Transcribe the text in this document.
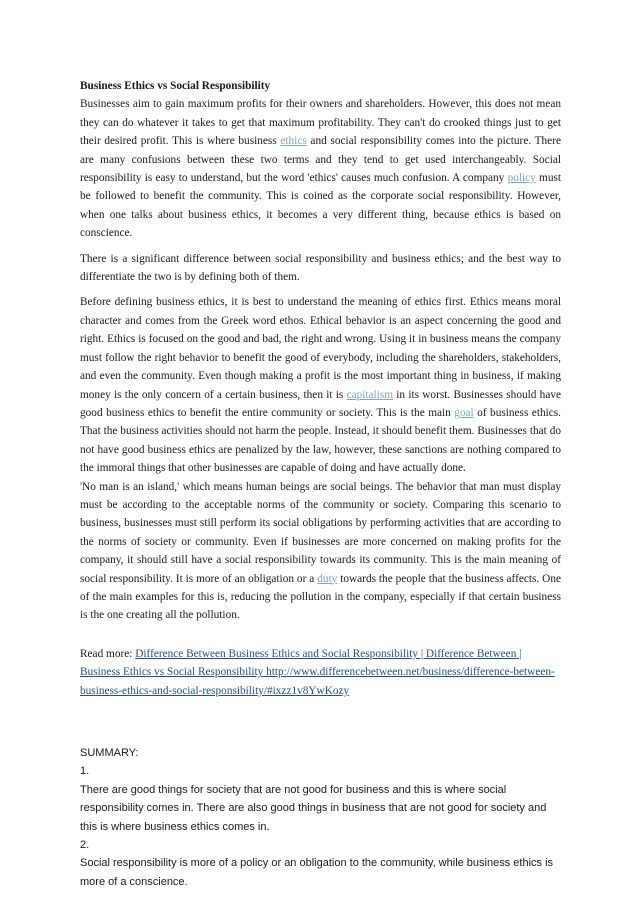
Business Ethics vs Social Responsibility

Businesses aim to gain maximum profits for their owners and shareholders. However, this does not mean they can do whatever it takes to get that maximum profitability. They can't do crooked things just to get their desired profit. This is where business ethics and social responsibility comes into the picture. There are many confusions between these two terms and they tend to get used interchangeably. Social responsibility is easy to understand, but the word 'ethics' causes much confusion. A company policy must be followed to benefit the community. This is coined as the corporate social responsibility. However, when one talks about business ethics, it becomes a very different thing, because ethics is based on conscience.

There is a significant difference between social responsibility and business ethics; and the best way to differentiate the two is by defining both of them.

Before defining business ethics, it is best to understand the meaning of ethics first. Ethics means moral character and comes from the Greek word ethos. Ethical behavior is an aspect concerning the good and right. Ethics is focused on the good and bad, the right and wrong. Using it in business means the company must follow the right behavior to benefit the good of everybody, including the shareholders, stakeholders, and even the community. Even though making a profit is the most important thing in business, if making money is the only concern of a certain business, then it is capitalism in its worst. Businesses should have good business ethics to benefit the entire community or society. This is the main goal of business ethics. That the business activities should not harm the people. Instead, it should benefit them. Businesses that do not have good business ethics are penalized by the law, however, these sanctions are nothing compared to the immoral things that other businesses are capable of doing and have actually done.

'No man is an island,' which means human beings are social beings. The behavior that man must display must be according to the acceptable norms of the community or society. Comparing this scenario to business, businesses must still perform its social obligations by performing activities that are according to the norms of society or community. Even if businesses are more concerned on making profits for the company, it should still have a social responsibility towards its community. This is the main meaning of social responsibility. It is more of an obligation or a duty towards the people that the business affects. One of the main examples for this is, reducing the pollution in the company, especially if that certain business is the one creating all the pollution.

Read more: Difference Between Business Ethics and Social Responsibility | Difference Between | Business Ethics vs Social Responsibility http://www.differencebetween.net/business/difference-between-business-ethics-and-social-responsibility/#ixzz1v8YwKozy

SUMMARY:

1.

There are good things for society that are not good for business and this is where social responsibility comes in. There are also good things in business that are not good for society and this is where business ethics comes in.

2.

Social responsibility is more of a policy or an obligation to the community, while business ethics is more of a conscience.
